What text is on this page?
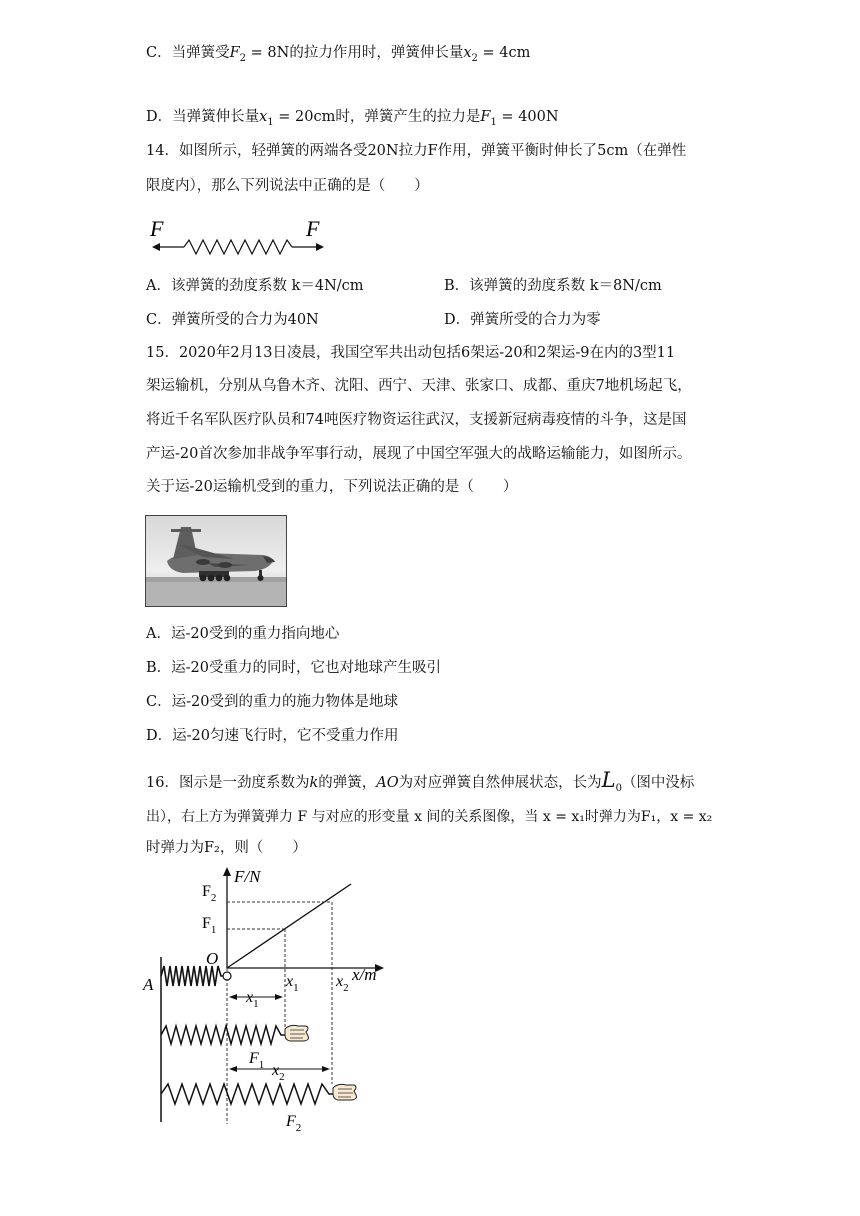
C．当弹簧受$F_2 = 8N$的拉力作用时，弹簧伸长量$x_2 = 4cm$
D．当弹簧伸长量$x_1 = 20cm$时，弹簧产生的拉力是$F_1 = 400N$
14．如图所示，轻弹簧的两端各受20N拉力F作用，弹簧平衡时伸长了5cm（在弹性
限度内），那么下列说法中正确的是（　　）
F	F
A．该弹簧的劲度系数 k＝4N/cm	B．该弹簧的劲度系数 k＝8N/cm
C．弹簧所受的合力为40N	D．弹簧所受的合力为零
15．2020年2月13日凌晨，我国空军共出动包括6架运-20和2架运-9在内的3型11
架运输机，分别从乌鲁木齐、沈阳、西宁、天津、张家口、成都、重庆7地机场起飞，
将近千名军队医疗队员和74吨医疗物资运往武汉，支援新冠病毒疫情的斗争，这是国
产运-20首次参加非战争军事行动，展现了中国空军强大的战略运输能力，如图所示。
关于运-20运输机受到的重力，下列说法正确的是（　　）
A．运-20受到的重力指向地心
B．运-20受重力的同时，它也对地球产生吸引
C．运-20受到的重力的施力物体是地球
D．运-20匀速飞行时，它不受重力作用
16．图示是一劲度系数为k的弹簧，AO为对应弹簧自然伸展状态，长为$L_0$（图中没标
出），右上方为弹簧弹力 F 与对应的形变量 x 间的关系图像，当 x = x₁时弹力为F₁，x = x₂
时弹力为F₂，则（　　）
F/N
x/m
$F_2$
$F_1$
O
$x_1$ $x_2$
A
$x_1$
$F_1$ $x_2$
$F_2$
